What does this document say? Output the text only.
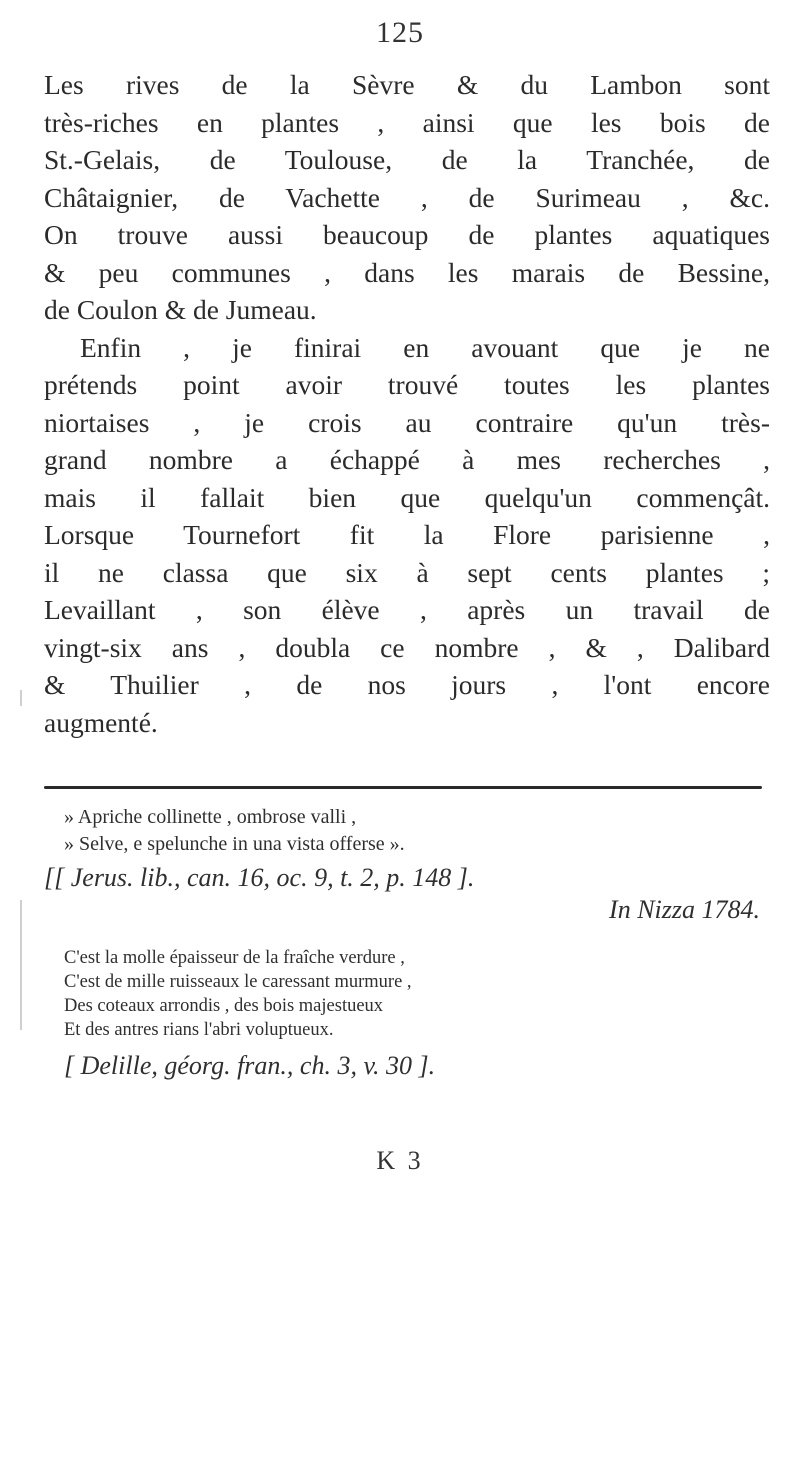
125
Les rives de la Sèvre & du Lambon sont
très-riches en plantes , ainsi que les bois de
St.-Gelais, de Toulouse, de la Tranchée, de
Châtaignier, de Vachette , de Surimeau , &c.
On trouve aussi beaucoup de plantes aquatiques
& peu communes , dans les marais de Bessine,
de Coulon & de Jumeau.
Enfin , je finirai en avouant que je ne
prétends point avoir trouvé toutes les plantes
niortaises , je crois au contraire qu'un très-
grand nombre a échappé à mes recherches ,
mais il fallait bien que quelqu'un commençât.
Lorsque Tournefort fit la Flore parisienne ,
il ne classa que six à sept cents plantes ;
Levaillant , son élève , après un travail de
vingt-six ans , doubla ce nombre , & , Dalibard
& Thuilier , de nos jours , l'ont encore
augmenté.
» Apriche collinette , ombrose valli ,
» Selve, e spelunche in una vista offerse ».
[[ Jerus. lib., can. 16, oc. 9, t. 2, p. 148 ].
In Nizza 1784.
C'est la molle épaisseur de la fraîche verdure ,
C'est de mille ruisseaux le caressant murmure ,
Des coteaux arrondis , des bois majestueux
Et des antres rians l'abri voluptueux.
[ Delille, géorg. fran., ch. 3, v. 30 ].
K 3
